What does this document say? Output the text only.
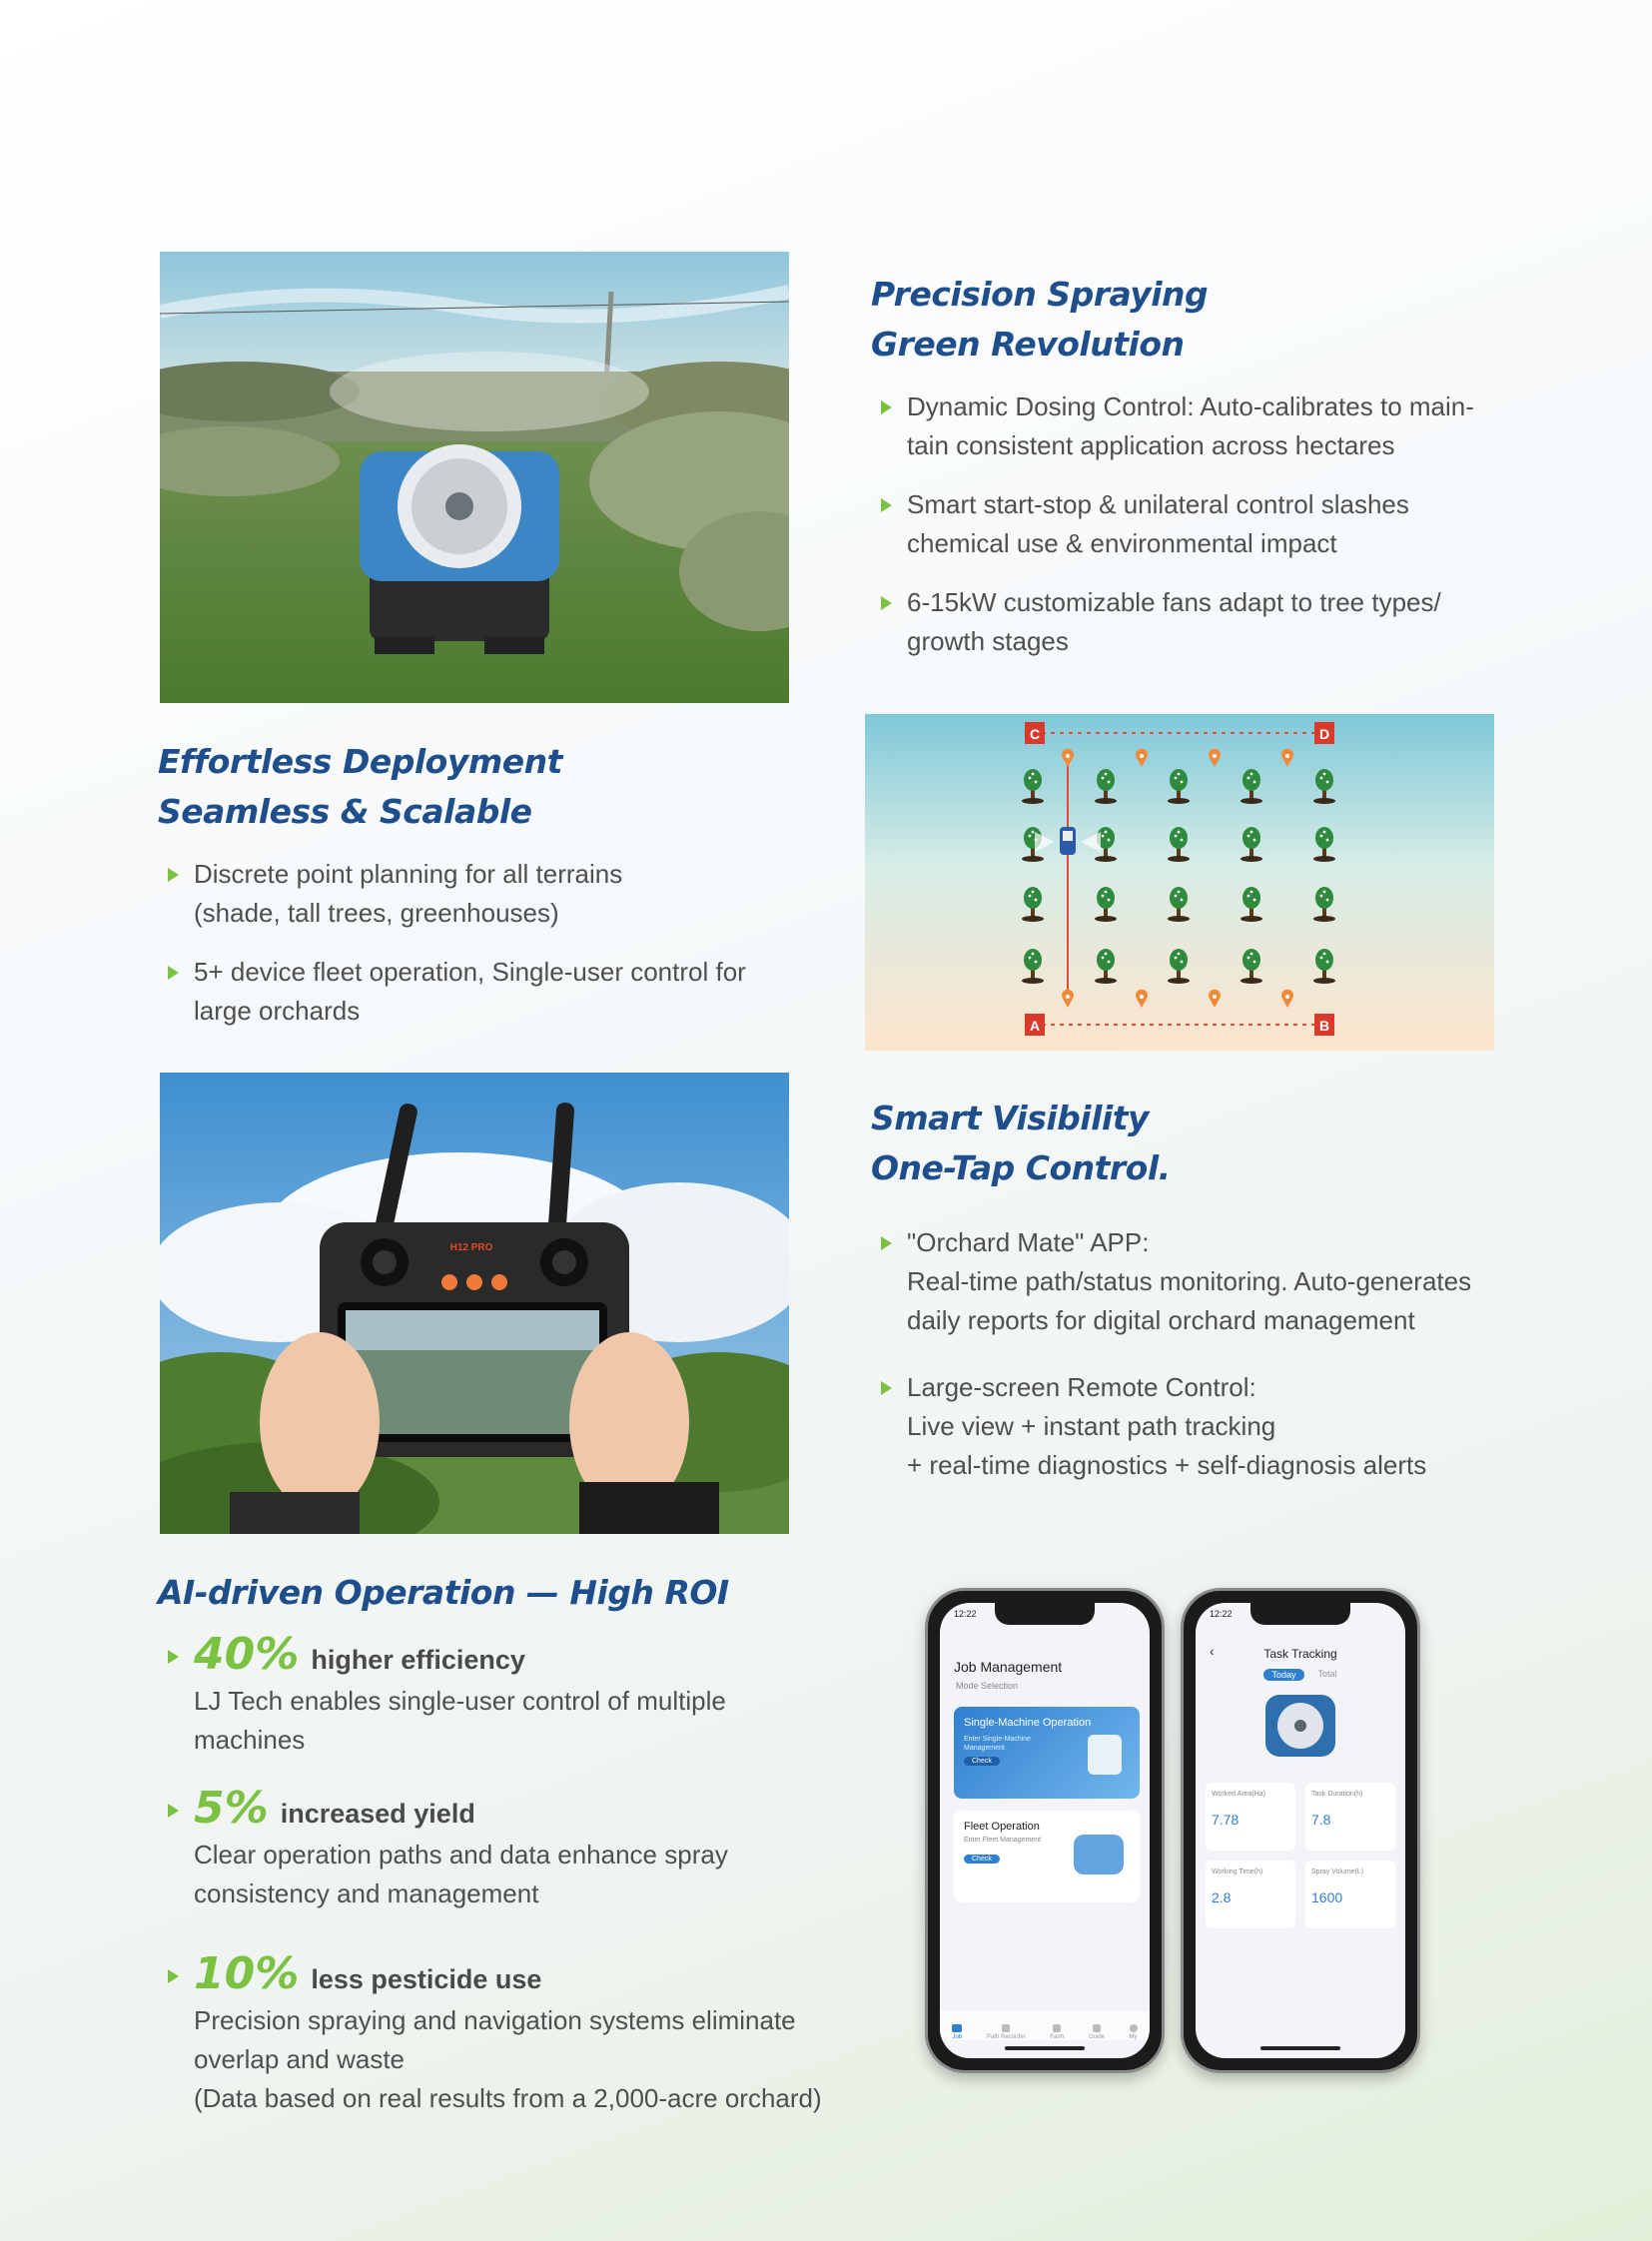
Precision Spraying
Green Revolution
Dynamic Dosing Control: Auto-calibrates to main-
tain consistent application across hectares
Smart start-stop & unilateral control slashes
chemical use & environmental impact
6-15kW customizable fans adapt to tree types/
growth stages
Effortless Deployment
Seamless & Scalable
Discrete point planning for all terrains
(shade, tall trees, greenhouses)
5+ device fleet operation, Single-user control for
large orchards
C	D
A	B
H12 PRO
Smart Visibility
One-Tap Control.
"Orchard Mate" APP:
Real-time path/status monitoring. Auto-generates
daily reports for digital orchard management
Large-screen Remote Control:
Live view + instant path tracking
+ real-time diagnostics + self-diagnosis alerts
AI-driven Operation — High ROI
40% higher efficiency
LJ Tech enables single-user control of multiple
machines
5% increased yield
Clear operation paths and data enhance spray
consistency and management
10% less pesticide use
Precision spraying and navigation systems eliminate
overlap and waste
(Data based on real results from a 2,000-acre orchard)
12:22
Job Management
Mode Selection
Single-Machine Operation
Enter Single-Machine Management
Check
Fleet Operation
Enter Fleet Management
Check
Job	Path Recorder	Farm	Guide	My
12:22
‹	Task Tracking
Today	Total
Worked Area(Ha)
7.78
Task Duration(h)
7.8
Working Time(h)
2.8
Spray Volume(L)
1600
